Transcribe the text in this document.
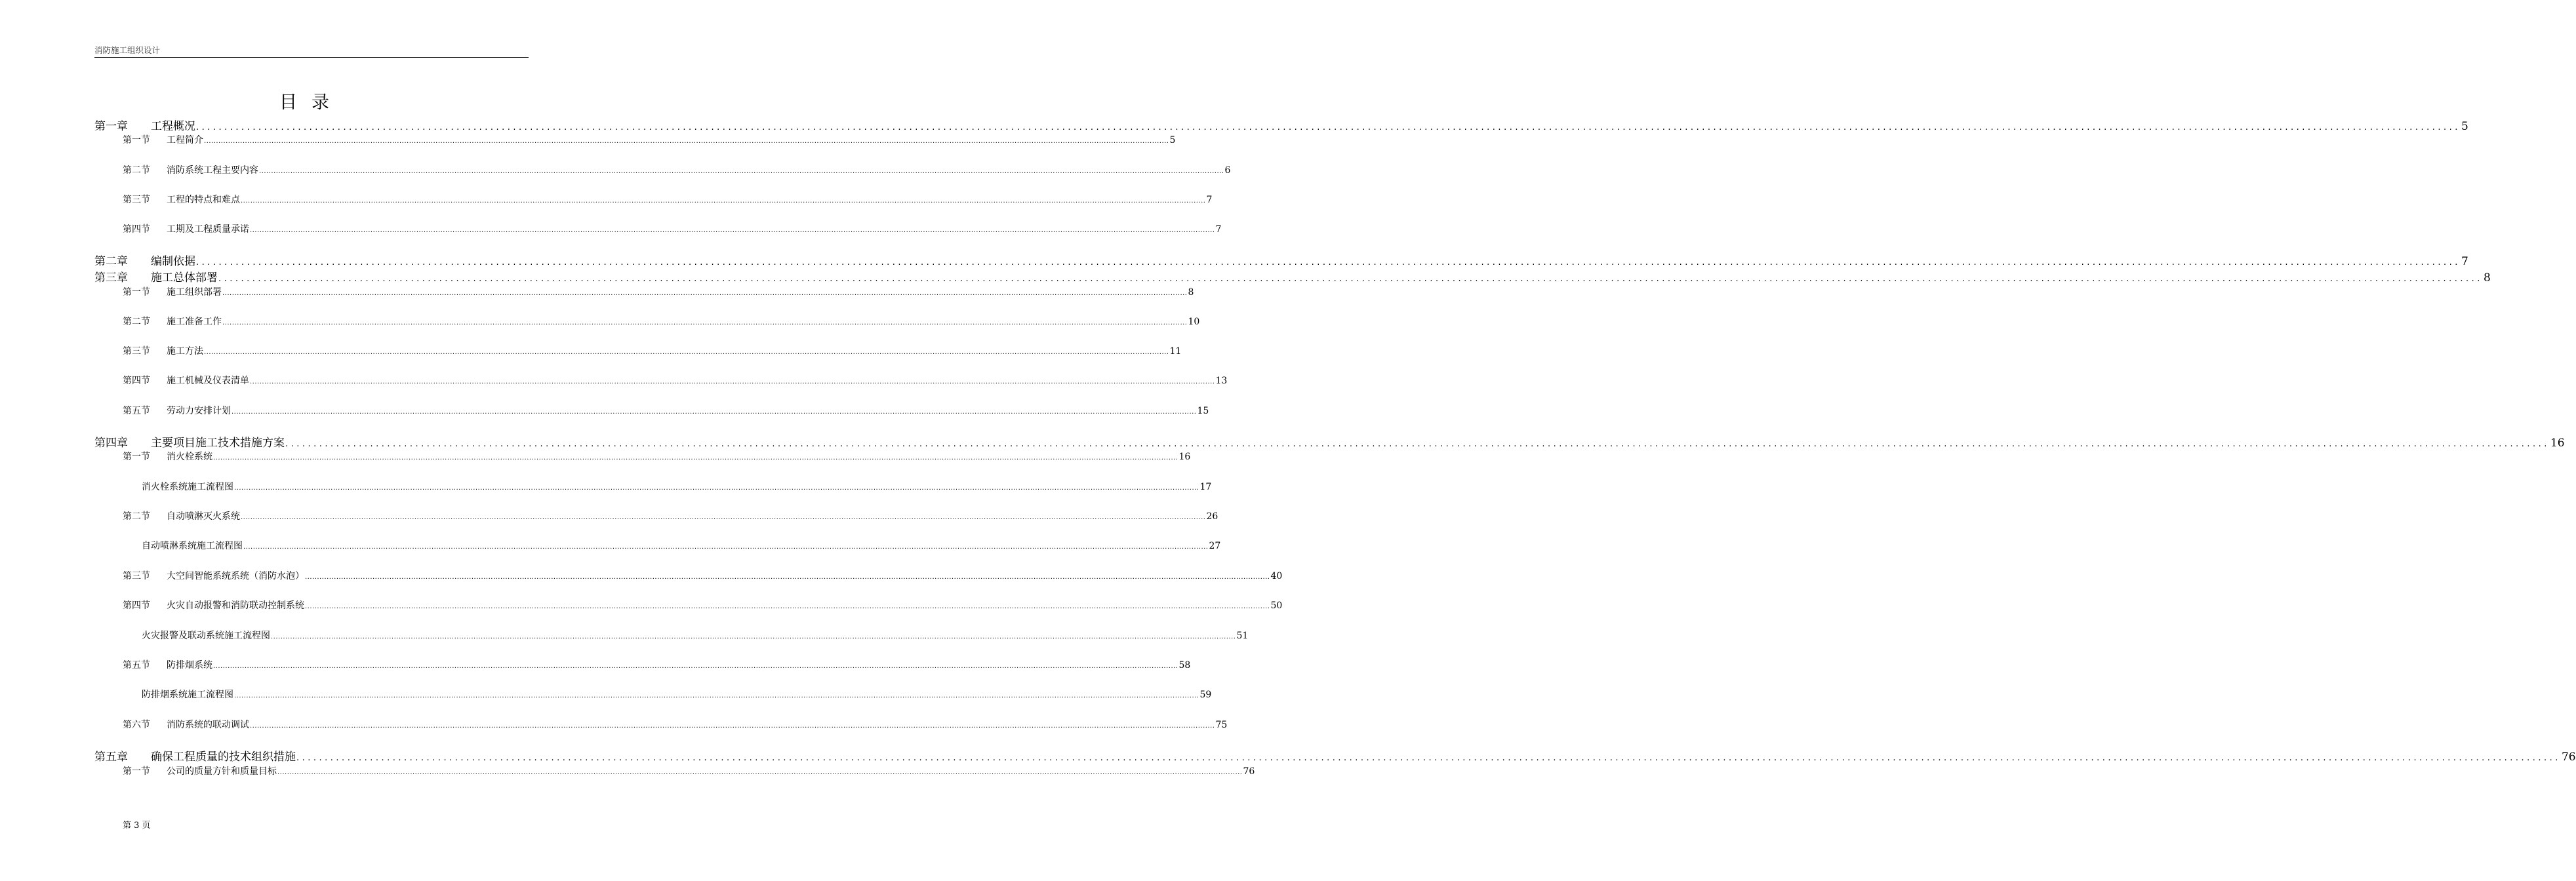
消防施工组织设计
目录
第一章	工程概况 ................................................................................................................................................................................................................................................................................................................................................................................................................ 5
第一节	工程简介 ................................................................................................................................................................................................................................................................................................................................................................................................................ 5
第二节	消防系统工程主要内容 ................................................................................................................................................................................................................................................................................................................................................................................................................ 6
第三节	工程的特点和难点 ................................................................................................................................................................................................................................................................................................................................................................................................................ 7
第四节	工期及工程质量承诺 ................................................................................................................................................................................................................................................................................................................................................................................................................ 7
第二章	编制依据 ................................................................................................................................................................................................................................................................................................................................................................................................................ 7
第三章	施工总体部署 ................................................................................................................................................................................................................................................................................................................................................................................................................ 8
第一节	施工组织部署 ................................................................................................................................................................................................................................................................................................................................................................................................................ 8
第二节	施工准备工作 ................................................................................................................................................................................................................................................................................................................................................................................................................ 10
第三节	施工方法 ................................................................................................................................................................................................................................................................................................................................................................................................................ 11
第四节	施工机械及仪表清单 ................................................................................................................................................................................................................................................................................................................................................................................................................ 13
第五节	劳动力安排计划 ................................................................................................................................................................................................................................................................................................................................................................................................................ 15
第四章	主要项目施工技术措施方案 ................................................................................................................................................................................................................................................................................................................................................................................................................ 16
第一节	消火栓系统 ................................................................................................................................................................................................................................................................................................................................................................................................................ 16
消火栓系统施工流程图 ................................................................................................................................................................................................................................................................................................................................................................................................................ 17
第二节	自动喷淋灭火系统 ................................................................................................................................................................................................................................................................................................................................................................................................................ 26
自动喷淋系统施工流程图 ................................................................................................................................................................................................................................................................................................................................................................................................................ 27
第三节	大空间智能系统系统（消防水泡） ................................................................................................................................................................................................................................................................................................................................................................................................................ 40
第四节	火灾自动报警和消防联动控制系统 ................................................................................................................................................................................................................................................................................................................................................................................................................ 50
火灾报警及联动系统施工流程图 ................................................................................................................................................................................................................................................................................................................................................................................................................ 51
第五节	防排烟系统 ................................................................................................................................................................................................................................................................................................................................................................................................................ 58
防排烟系统施工流程图 ................................................................................................................................................................................................................................................................................................................................................................................................................ 59
第六节	消防系统的联动调试 ................................................................................................................................................................................................................................................................................................................................................................................................................ 75
第五章	确保工程质量的技术组织措施 ................................................................................................................................................................................................................................................................................................................................................................................................................ 76
第一节	公司的质量方针和质量目标 ................................................................................................................................................................................................................................................................................................................................................................................................................ 76
第 3 页
